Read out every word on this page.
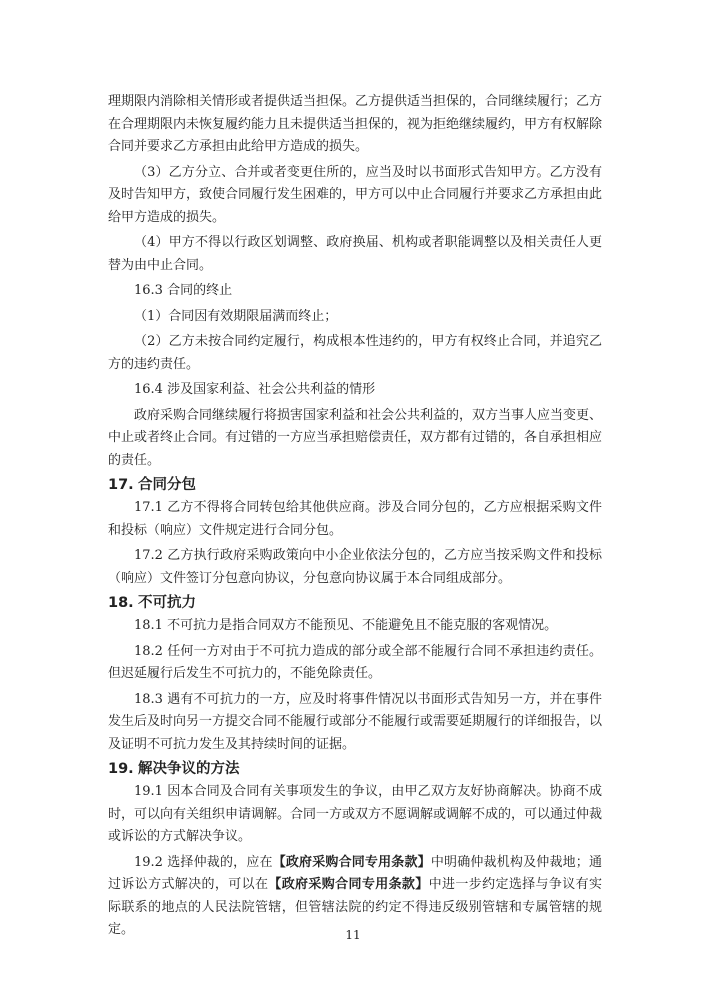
理期限内消除相关情形或者提供适当担保。乙方提供适当担保的，合同继续履行；乙方在合理期限内未恢复履约能力且未提供适当担保的，视为拒绝继续履约，甲方有权解除合同并要求乙方承担由此给甲方造成的损失。

（3）乙方分立、合并或者变更住所的，应当及时以书面形式告知甲方。乙方没有及时告知甲方，致使合同履行发生困难的，甲方可以中止合同履行并要求乙方承担由此给甲方造成的损失。

（4）甲方不得以行政区划调整、政府换届、机构或者职能调整以及相关责任人更替为由中止合同。

16.3 合同的终止

（1）合同因有效期限届满而终止；

（2）乙方未按合同约定履行，构成根本性违约的，甲方有权终止合同，并追究乙方的违约责任。

16.4 涉及国家利益、社会公共利益的情形

政府采购合同继续履行将损害国家利益和社会公共利益的，双方当事人应当变更、中止或者终止合同。有过错的一方应当承担赔偿责任，双方都有过错的，各自承担相应的责任。

17. 合同分包

17.1 乙方不得将合同转包给其他供应商。涉及合同分包的，乙方应根据采购文件和投标（响应）文件规定进行合同分包。

17.2 乙方执行政府采购政策向中小企业依法分包的，乙方应当按采购文件和投标（响应）文件签订分包意向协议，分包意向协议属于本合同组成部分。

18. 不可抗力

18.1 不可抗力是指合同双方不能预见、不能避免且不能克服的客观情况。

18.2 任何一方对由于不可抗力造成的部分或全部不能履行合同不承担违约责任。但迟延履行后发生不可抗力的，不能免除责任。

18.3 遇有不可抗力的一方，应及时将事件情况以书面形式告知另一方，并在事件发生后及时向另一方提交合同不能履行或部分不能履行或需要延期履行的详细报告，以及证明不可抗力发生及其持续时间的证据。

19. 解决争议的方法

19.1 因本合同及合同有关事项发生的争议，由甲乙双方友好协商解决。协商不成时，可以向有关组织申请调解。合同一方或双方不愿调解或调解不成的，可以通过仲裁或诉讼的方式解决争议。

19.2 选择仲裁的，应在【政府采购合同专用条款】中明确仲裁机构及仲裁地；通过诉讼方式解决的，可以在【政府采购合同专用条款】中进一步约定选择与争议有实际联系的地点的人民法院管辖，但管辖法院的约定不得违反级别管辖和专属管辖的规定。	11
